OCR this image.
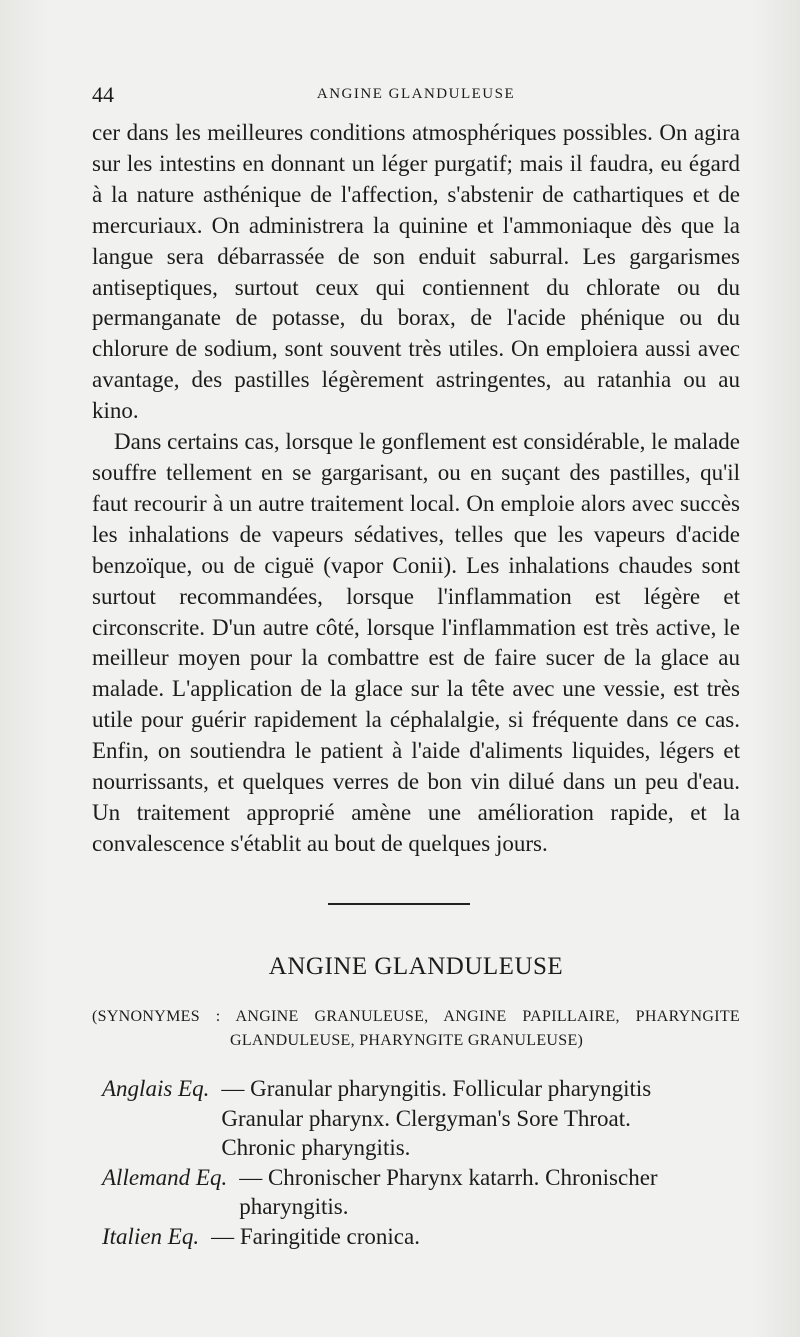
44	ANGINE GLANDULEUSE

cer dans les meilleures conditions atmosphériques possibles. On agira sur les intestins en donnant un léger purgatif; mais il faudra, eu égard à la nature asthénique de l'affection, s'abstenir de cathartiques et de mercuriaux. On administrera la quinine et l'ammoniaque dès que la langue sera débarrassée de son enduit saburral. Les gargarismes antiseptiques, surtout ceux qui contiennent du chlorate ou du permanganate de potasse, du borax, de l'acide phénique ou du chlorure de sodium, sont souvent très utiles. On emploiera aussi avec avantage, des pastilles légèrement astringentes, au ratanhia ou au kino.

Dans certains cas, lorsque le gonflement est considérable, le malade souffre tellement en se gargarisant, ou en suçant des pastilles, qu'il faut recourir à un autre traitement local. On emploie alors avec succès les inhalations de vapeurs sédatives, telles que les vapeurs d'acide benzoïque, ou de ciguë (vapor Conii). Les inhalations chaudes sont surtout recommandées, lorsque l'inflammation est légère et circonscrite. D'un autre côté, lorsque l'inflammation est très active, le meilleur moyen pour la combattre est de faire sucer de la glace au malade. L'application de la glace sur la tête avec une vessie, est très utile pour guérir rapidement la céphalalgie, si fréquente dans ce cas. Enfin, on soutiendra le patient à l'aide d'aliments liquides, légers et nourrissants, et quelques verres de bon vin dilué dans un peu d'eau. Un traitement approprié amène une amélioration rapide, et la convalescence s'établit au bout de quelques jours.

ANGINE GLANDULEUSE
(SYNONYMES : ANGINE GRANULEUSE, ANGINE PAPILLAIRE, PHARYNGITE
GLANDULEUSE, PHARYNGITE GRANULEUSE)
Anglais Eq. — Granular pharyngitis. Follicular pharyngitis
Granular pharynx. Clergyman's Sore Throat.
Chronic pharyngitis.
Allemand Eq. — Chronischer Pharynx katarrh. Chronischer
pharyngitis.
Italien Eq. — Faringitide cronica.
